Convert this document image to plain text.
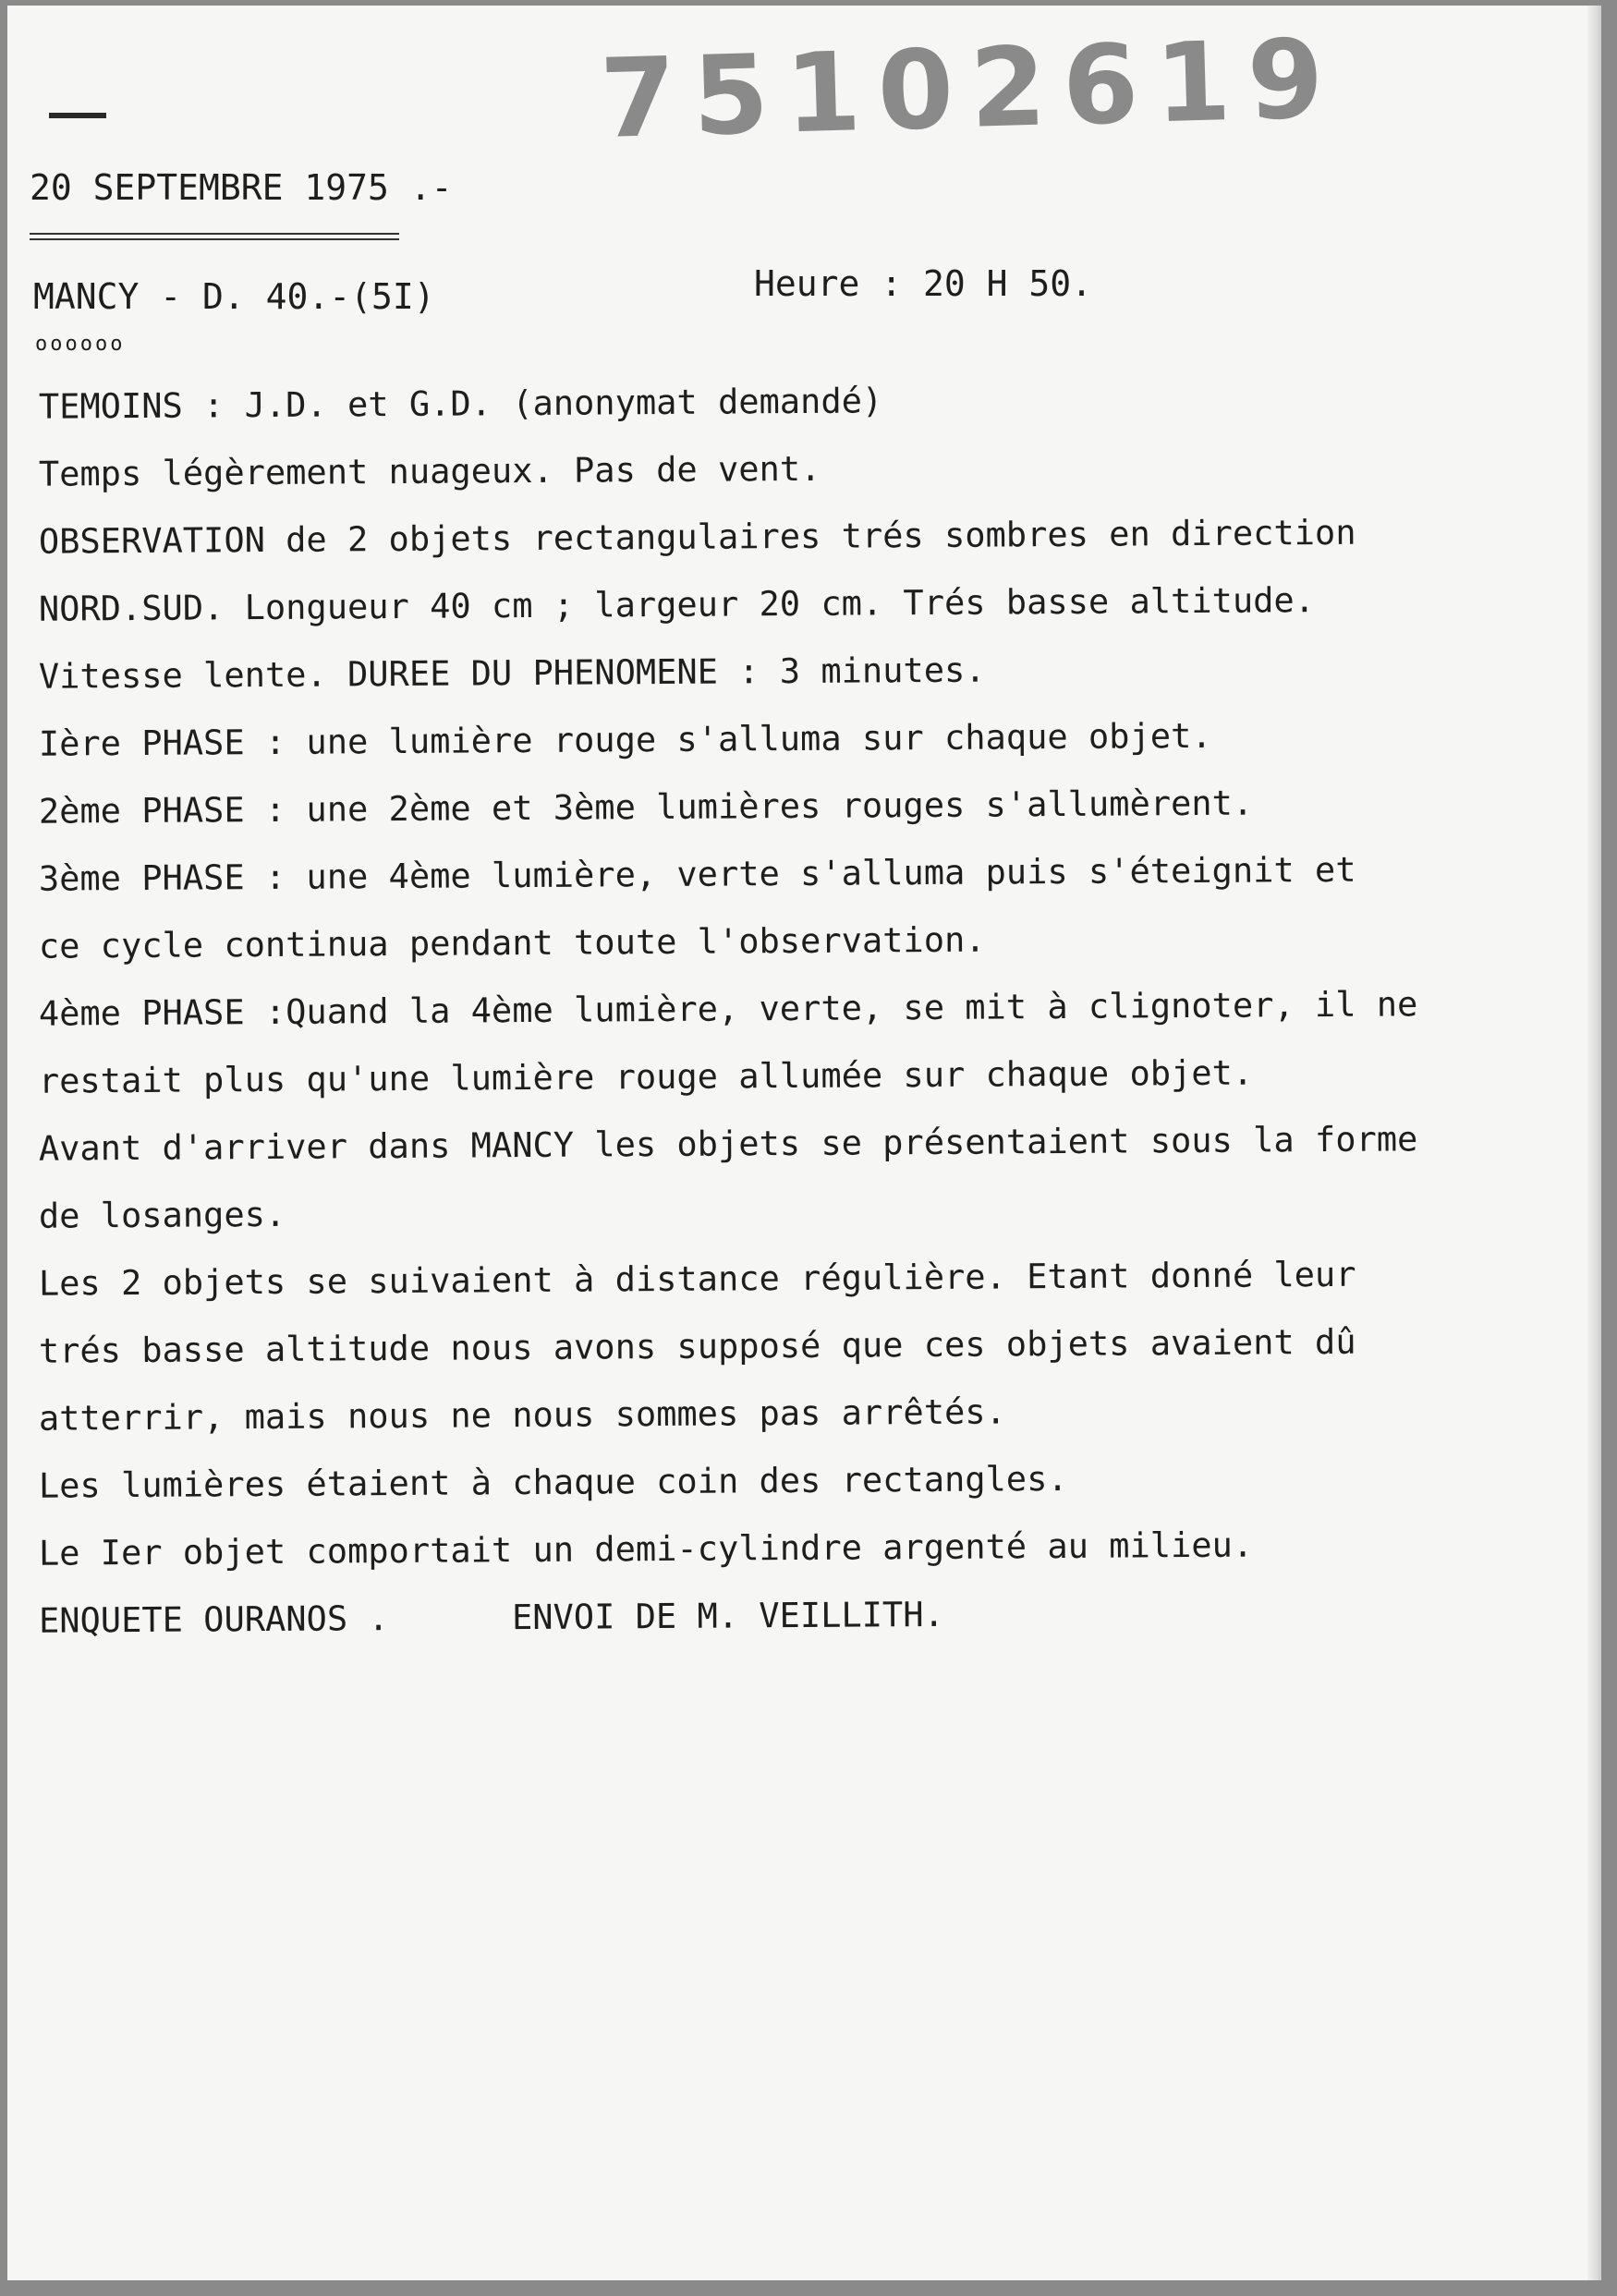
75102619
20 SEPTEMBRE 1975 .-
MANCY - D. 40.-(5I)
oooooo
Heure : 20 H 50.
TEMOINS : J.D. et G.D. (anonymat demandé)
Temps légèrement nuageux. Pas de vent.
OBSERVATION de 2 objets rectangulaires trés sombres en direction
NORD.SUD. Longueur 40 cm ; largeur 20 cm. Trés basse altitude.
Vitesse lente. DUREE DU PHENOMENE : 3 minutes.
Ière PHASE : une lumière rouge s'alluma sur chaque objet.
2ème PHASE : une 2ème et 3ème lumières rouges s'allumèrent.
3ème PHASE : une 4ème lumière, verte s'alluma puis s'éteignit et
ce cycle continua pendant toute l'observation.
4ème PHASE :Quand la 4ème lumière, verte, se mit à clignoter, il ne
restait plus qu'une lumière rouge allumée sur chaque objet.
Avant d'arriver dans MANCY les objets se présentaient sous la forme
de losanges.
Les 2 objets se suivaient à distance régulière. Etant donné leur
trés basse altitude nous avons supposé que ces objets avaient dû
atterrir, mais nous ne nous sommes pas arrêtés.
Les lumières étaient à chaque coin des rectangles.
Le Ier objet comportait un demi-cylindre argenté au milieu.
ENQUETE OURANOS .	ENVOI DE M. VEILLITH.
